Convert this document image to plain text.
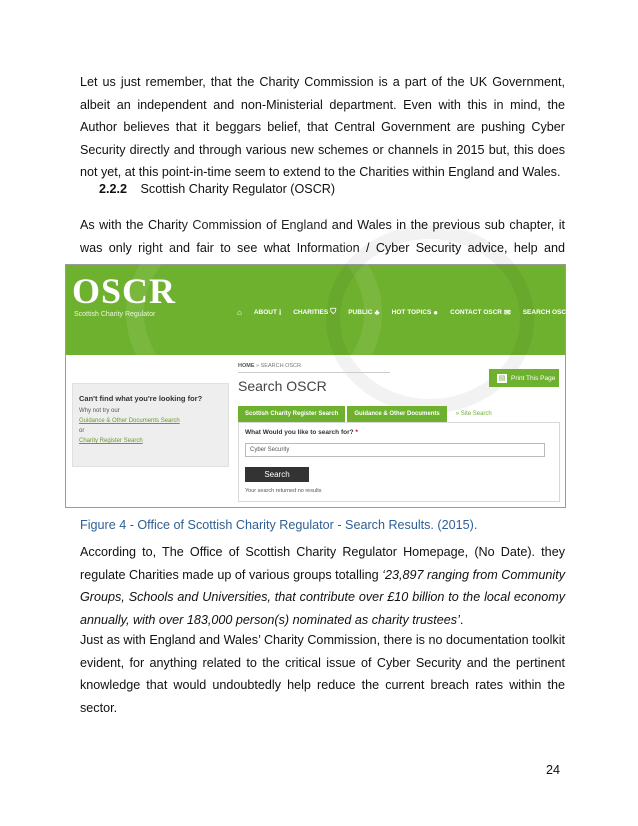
Let us just remember, that the Charity Commission is a part of the UK Government, albeit an independent and non-Ministerial department. Even with this in mind, the Author believes that it beggars belief, that Central Government are pushing Cyber Security directly and through various new schemes or channels in 2015 but, this does not yet, at this point-in-time seem to extend to the Charities within England and Wales.

2.2.2 Scottish Charity Regulator (OSCR)

As with the Charity Commission of England and Wales in the previous sub chapter, it was only right and fair to see what Information / Cyber Security advice, help and

OSCR
Scottish Charity Regulator	⌂ ABOUT i CHARITIES ⛉ PUBLIC ♣ HOT TOPICS ● CONTACT OSCR ✉ SEARCH OSCR ⚲
HOME » SEARCH OSCR
Search OSCR	▤ Print This Page
Can't find what you're looking for?
Why not try our
Guidance & Other Documents Search
or
Charity Register Search
Scottish Charity Register Search	Guidance & Other Documents	» Site Search
What Would you like to search for? *
Cyber Security
Search
Your search returned no results
Figure 4 - Office of Scottish Charity Regulator - Search Results. (2015).

According to, The Office of Scottish Charity Regulator Homepage, (No Date). they regulate Charities made up of various groups totalling ‘23,897 ranging from Community Groups, Schools and Universities, that contribute over £10 billion to the local economy annually, with over 183,000 person(s) nominated as charity trustees’.

Just as with England and Wales’ Charity Commission, there is no documentation toolkit evident, for anything related to the critical issue of Cyber Security and the pertinent knowledge that would undoubtedly help reduce the current breach rates within the sector.

24
